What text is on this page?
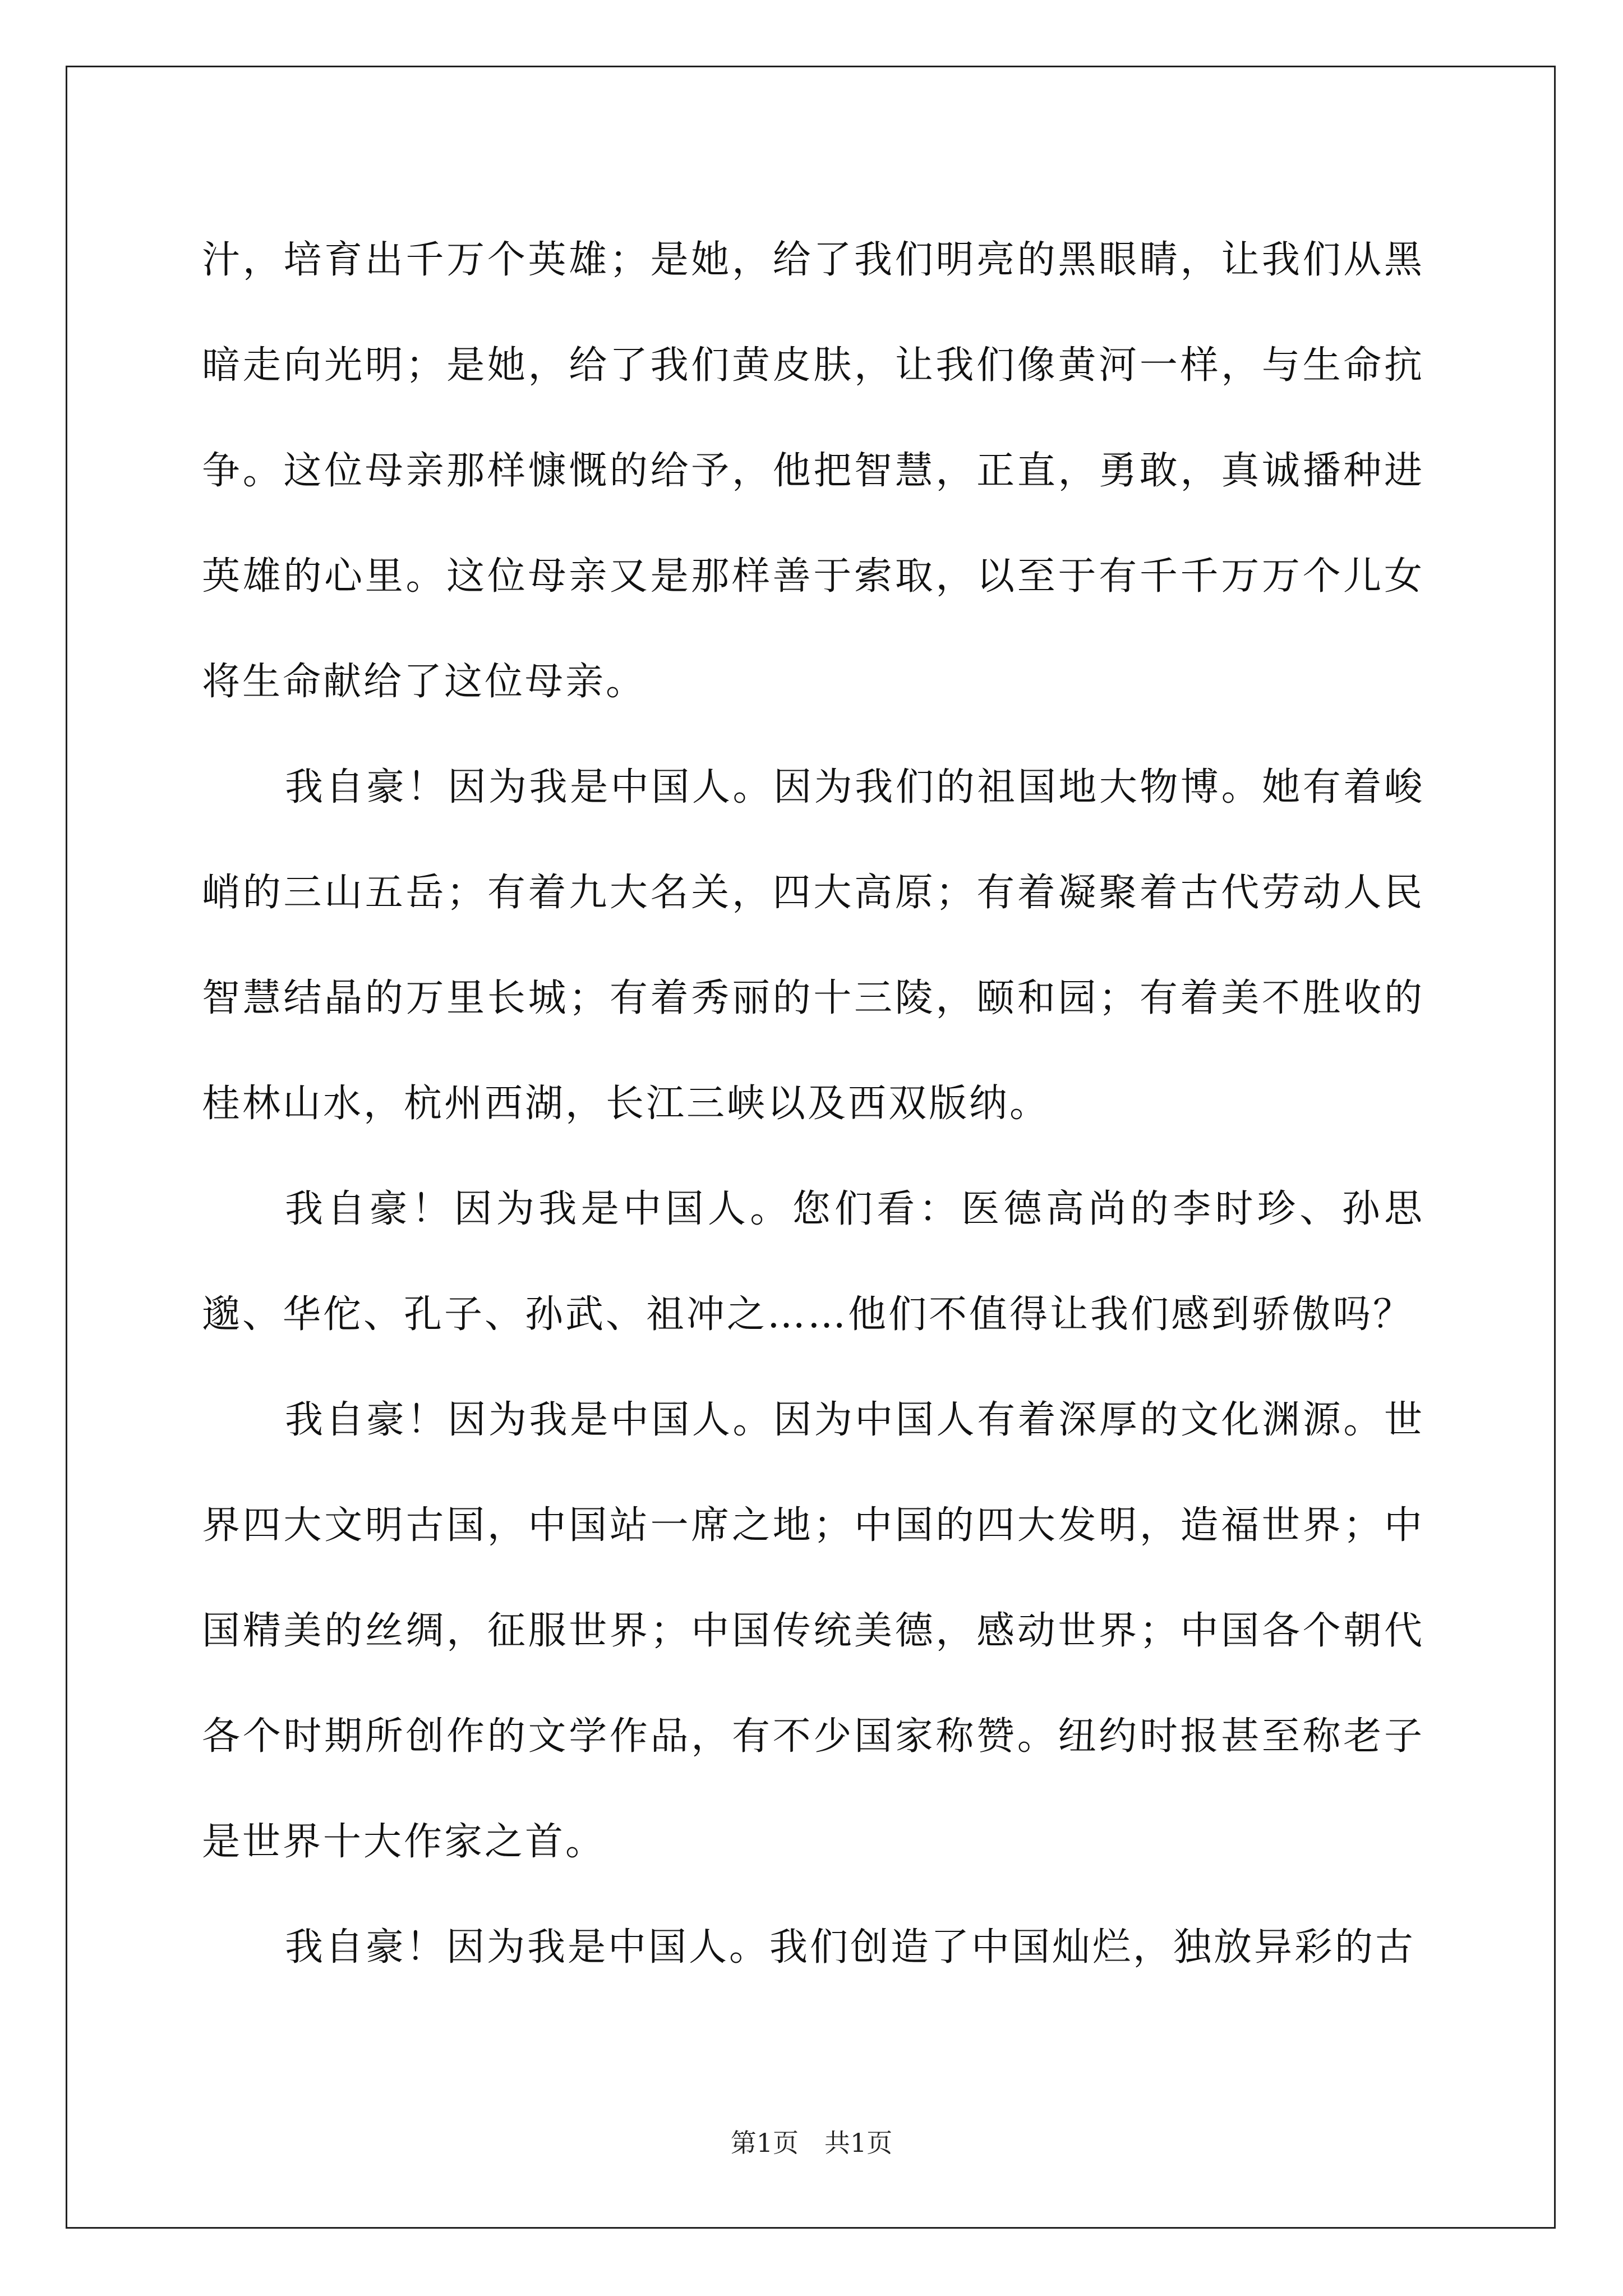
汁，培育出千万个英雄；是她，给了我们明亮的黑眼睛，让我们从黑暗走向光明；是她，给了我们黄皮肤，让我们像黄河一样，与生命抗争。这位母亲那样慷慨的给予，他把智慧，正直，勇敢，真诚播种进英雄的心里。这位母亲又是那样善于索取，以至于有千千万万个儿女将生命献给了这位母亲。

我自豪！因为我是中国人。因为我们的祖国地大物博。她有着峻峭的三山五岳；有着九大名关，四大高原；有着凝聚着古代劳动人民智慧结晶的万里长城；有着秀丽的十三陵，颐和园；有着美不胜收的桂林山水，杭州西湖，长江三峡以及西双版纳。

我自豪！因为我是中国人。您们看：医德高尚的李时珍、孙思邈、华佗、孔子、孙武、祖冲之……他们不值得让我们感到骄傲吗？

我自豪！因为我是中国人。因为中国人有着深厚的文化渊源。世界四大文明古国，中国站一席之地；中国的四大发明，造福世界；中国精美的丝绸，征服世界；中国传统美德，感动世界；中国各个朝代各个时期所创作的文学作品，有不少国家称赞。纽约时报甚至称老子是世界十大作家之首。

我自豪！因为我是中国人。我们创造了中国灿烂，独放异彩的古

第1页　共1页
